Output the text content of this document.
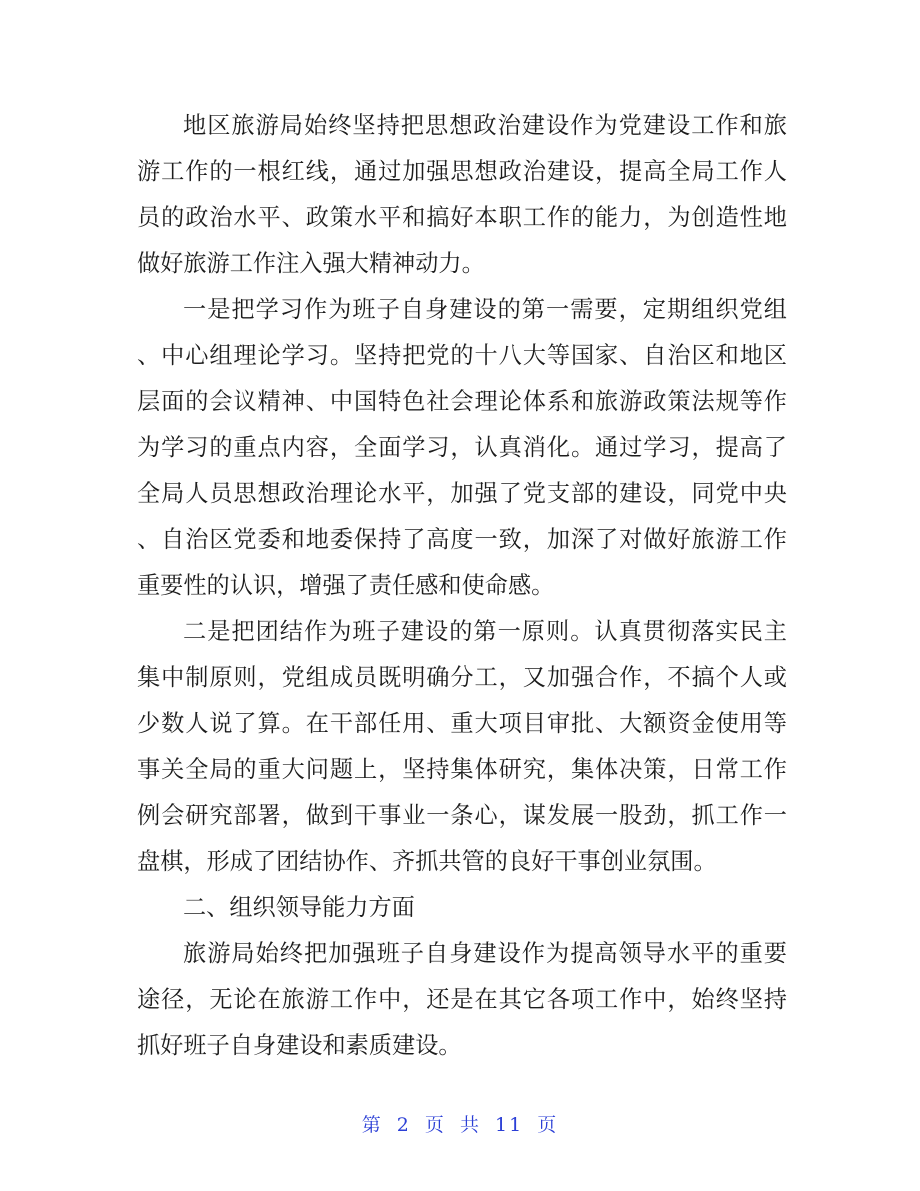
地区旅游局始终坚持把思想政治建设作为党建设工作和旅
游工作的一根红线，通过加强思想政治建设，提高全局工作人
员的政治水平、政策水平和搞好本职工作的能力，为创造性地
做好旅游工作注入强大精神动力。
一是把学习作为班子自身建设的第一需要，定期组织党组
、中心组理论学习。坚持把党的十八大等国家、自治区和地区
层面的会议精神、中国特色社会理论体系和旅游政策法规等作
为学习的重点内容，全面学习，认真消化。通过学习，提高了
全局人员思想政治理论水平，加强了党支部的建设，同党中央
、自治区党委和地委保持了高度一致，加深了对做好旅游工作
重要性的认识，增强了责任感和使命感。
二是把团结作为班子建设的第一原则。认真贯彻落实民主
集中制原则，党组成员既明确分工，又加强合作，不搞个人或
少数人说了算。在干部任用、重大项目审批、大额资金使用等
事关全局的重大问题上，坚持集体研究，集体决策，日常工作
例会研究部署，做到干事业一条心，谋发展一股劲，抓工作一
盘棋，形成了团结协作、齐抓共管的良好干事创业氛围。
二、组织领导能力方面
旅游局始终把加强班子自身建设作为提高领导水平的重要
途径，无论在旅游工作中，还是在其它各项工作中，始终坚持
抓好班子自身建设和素质建设。
第 2 页 共 11 页
